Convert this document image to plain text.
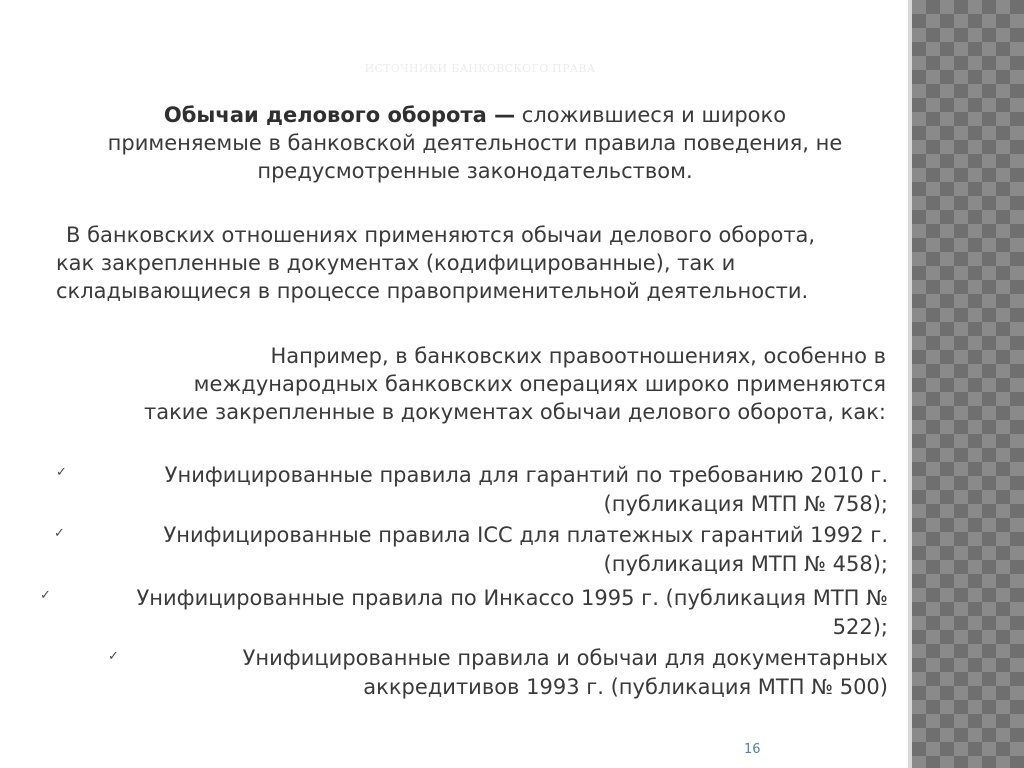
ИСТОЧНИКИ БАНКОВСКОГО ПРАВА
Обычаи делового оборота — сложившиеся и широко
применяемые в банковской деятельности правила поведения, не
предусмотренные законодательством.
В банковских отношениях применяются обычаи делового оборота,
как закрепленные в документах (кодифицированные), так и
складывающиеся в процессе правоприменительной деятельности.
Например, в банковских правоотношениях, особенно в
международных банковских операциях широко применяются
такие закрепленные в документах обычаи делового оборота, как:
✓	Унифицированные правила для гарантий по требованию 2010 г.
(публикация МТП № 758);
✓	Унифицированные правила ICC для платежных гарантий 1992 г.
(публикация МТП № 458);
✓	Унифицированные правила по Инкассо 1995 г. (публикация МТП №
522);
✓	Унифицированные правила и обычаи для документарных
аккредитивов 1993 г. (публикация МТП № 500)
16
